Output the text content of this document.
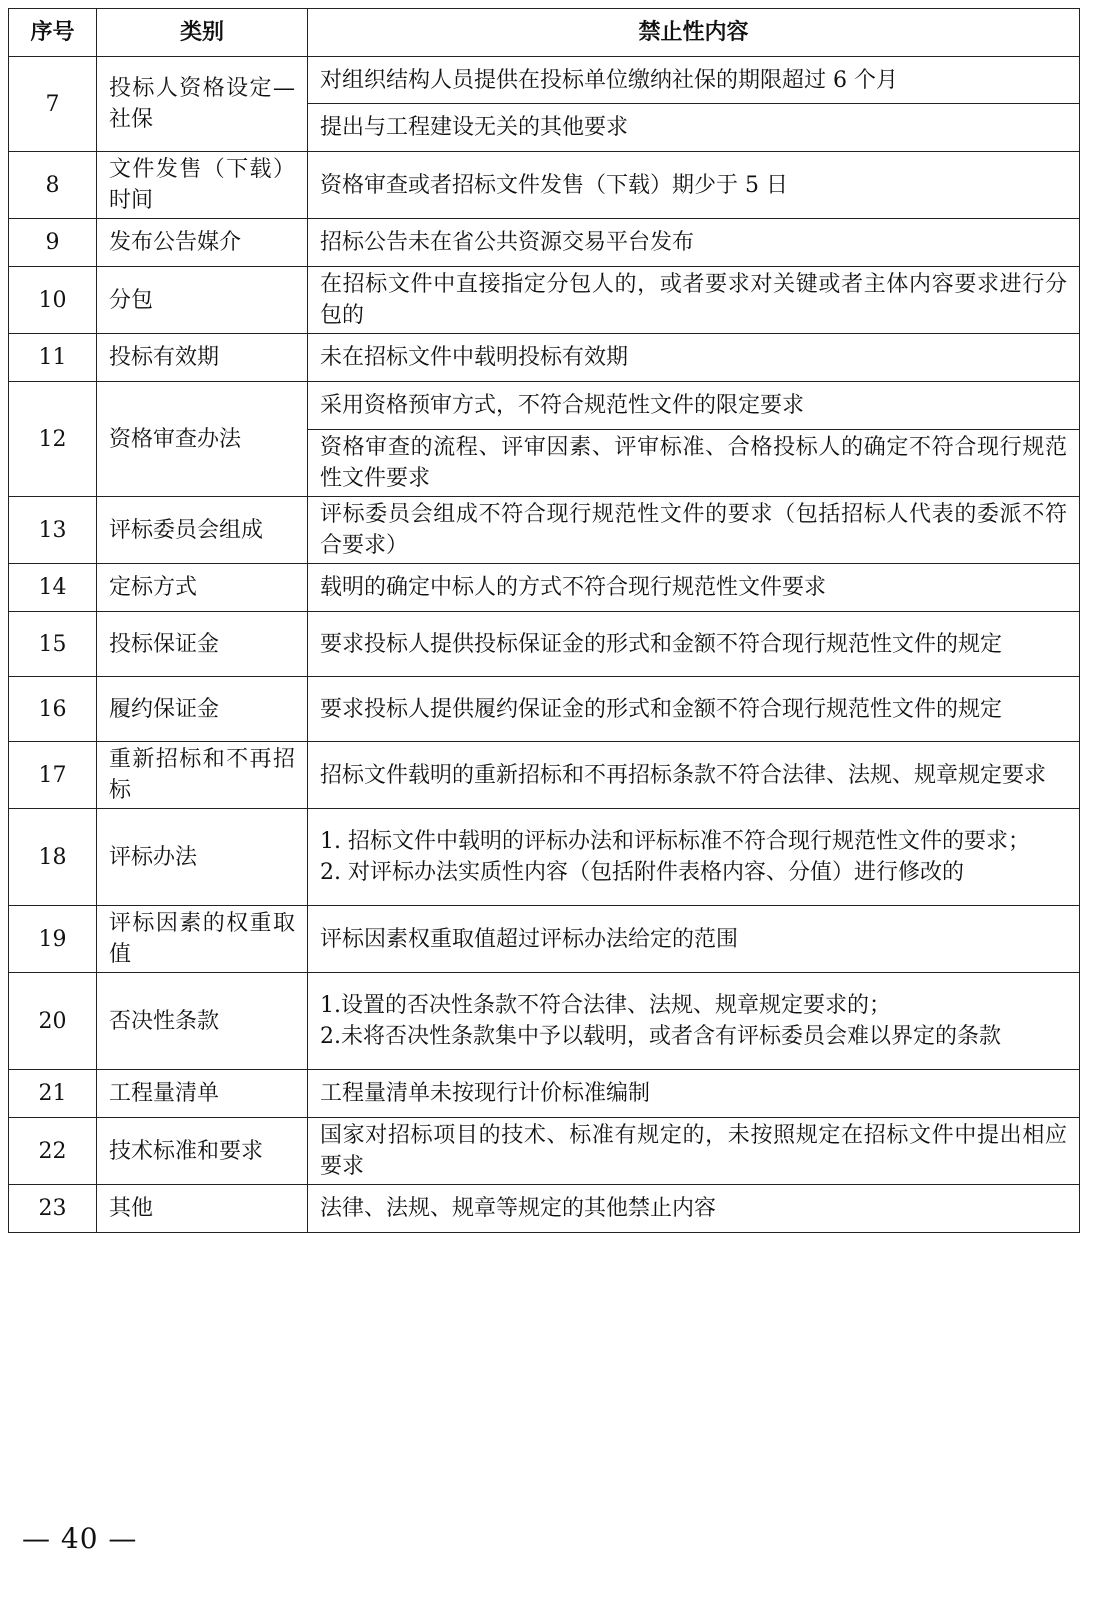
序号	类别	禁止性内容
7	投标人资格设定—社保	对组织结构人员提供在投标单位缴纳社保的期限超过 6 个月
		提出与工程建设无关的其他要求
8	文件发售（下载）时间	资格审查或者招标文件发售（下载）期少于 5 日
9	发布公告媒介	招标公告未在省公共资源交易平台发布
10	分包	在招标文件中直接指定分包人的，或者要求对关键或者主体内容要求进行分包的
11	投标有效期	未在招标文件中载明投标有效期
12	资格审查办法	采用资格预审方式，不符合规范性文件的限定要求
		资格审查的流程、评审因素、评审标准、合格投标人的确定不符合现行规范性文件要求
13	评标委员会组成	评标委员会组成不符合现行规范性文件的要求（包括招标人代表的委派不符合要求）
14	定标方式	载明的确定中标人的方式不符合现行规范性文件要求
15	投标保证金	要求投标人提供投标保证金的形式和金额不符合现行规范性文件的规定
16	履约保证金	要求投标人提供履约保证金的形式和金额不符合现行规范性文件的规定
17	重新招标和不再招标	招标文件载明的重新招标和不再招标条款不符合法律、法规、规章规定要求
18	评标办法	1. 招标文件中载明的评标办法和评标标准不符合现行规范性文件的要求；
2. 对评标办法实质性内容（包括附件表格内容、分值）进行修改的
19	评标因素的权重取值	评标因素权重取值超过评标办法给定的范围
20	否决性条款	1.设置的否决性条款不符合法律、法规、规章规定要求的；
2.未将否决性条款集中予以载明，或者含有评标委员会难以界定的条款
21	工程量清单	工程量清单未按现行计价标准编制
22	技术标准和要求	国家对招标项目的技术、标准有规定的，未按照规定在招标文件中提出相应要求
23	其他	法律、法规、规章等规定的其他禁止内容
— 40 —
